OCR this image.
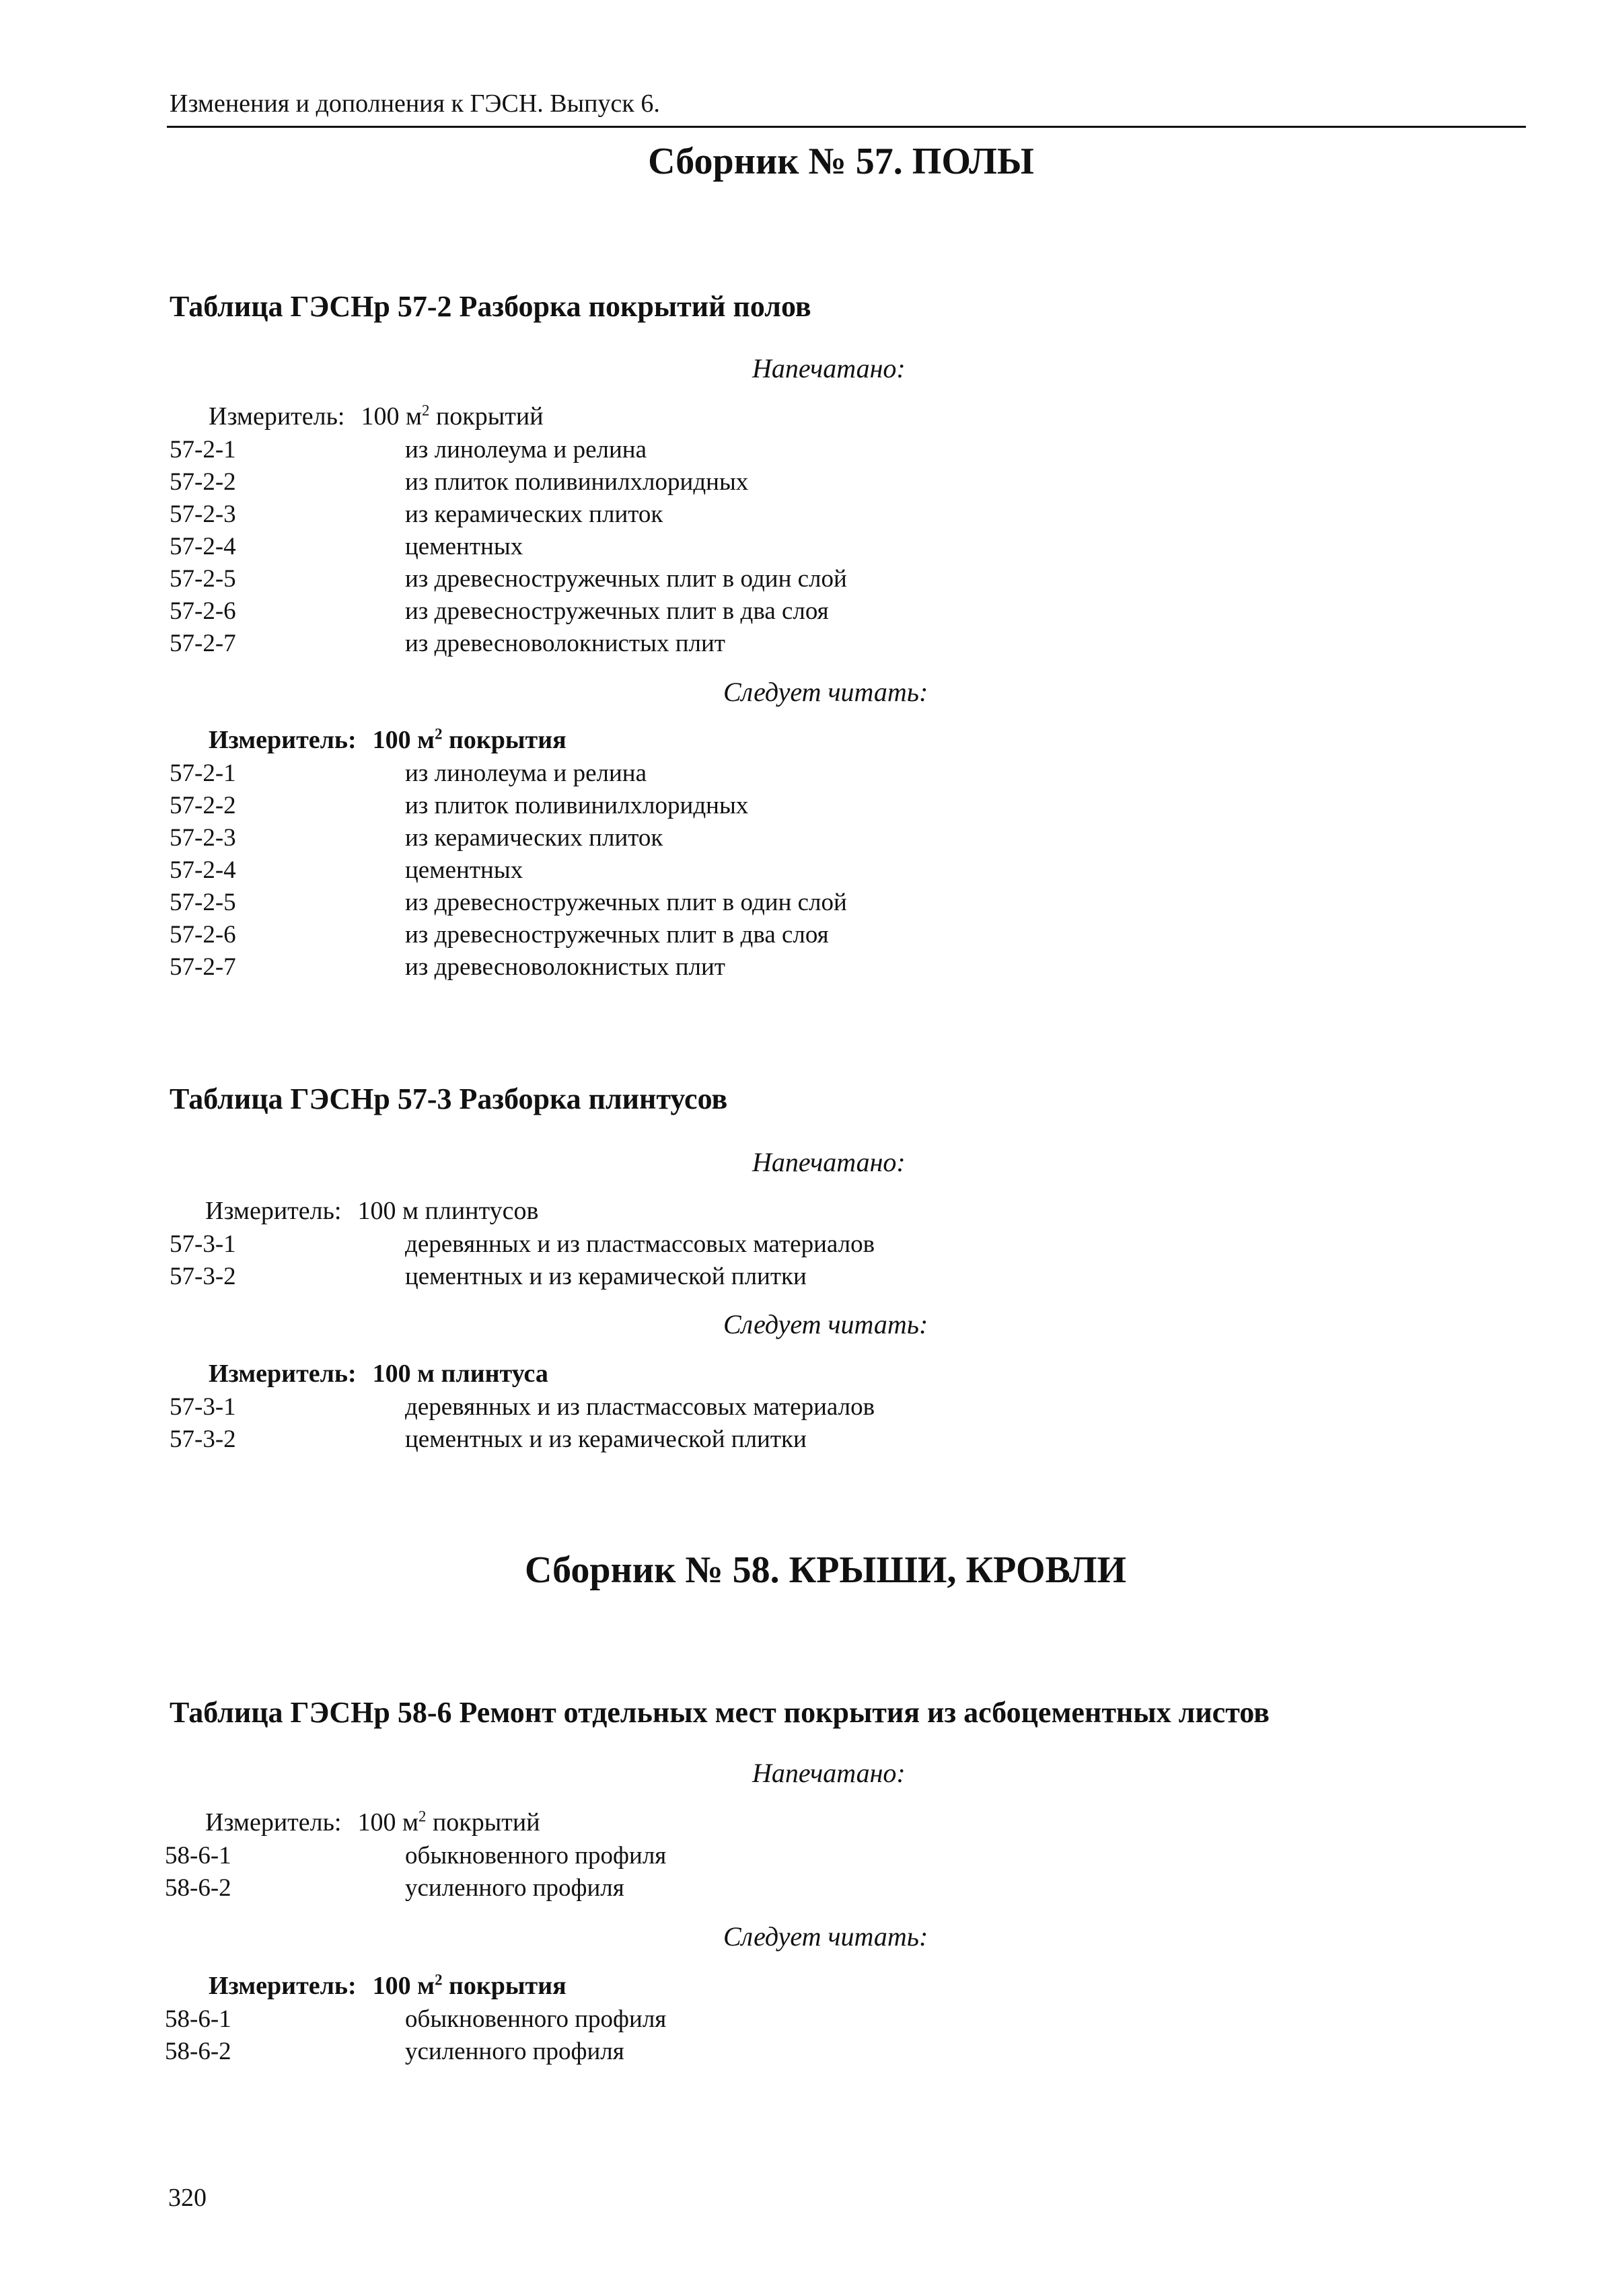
Изменения и дополнения к ГЭСН. Выпуск 6.
Сборник № 57. ПОЛЫ
Таблица ГЭСНр 57-2 Разборка покрытий полов
Напечатано:
Измеритель: 100 $м^2$ покрытий
57-2-1	из линолеума и релина
57-2-2	из плиток поливинилхлоридных
57-2-3	из керамических плиток
57-2-4	цементных
57-2-5	из древесностружечных плит в один слой
57-2-6	из древесностружечных плит в два слоя
57-2-7	из древесноволокнистых плит
Следует читать:
Измеритель: 100 $м^2$ покрытия
57-2-1	из линолеума и релина
57-2-2	из плиток поливинилхлоридных
57-2-3	из керамических плиток
57-2-4	цементных
57-2-5	из древесностружечных плит в один слой
57-2-6	из древесностружечных плит в два слоя
57-2-7	из древесноволокнистых плит
Таблица ГЭСНр 57-3 Разборка плинтусов
Напечатано:
Измеритель: 100 м плинтусов
57-3-1	деревянных и из пластмассовых материалов
57-3-2	цементных и из керамической плитки
Следует читать:
Измеритель: 100 м плинтуса
57-3-1	деревянных и из пластмассовых материалов
57-3-2	цементных и из керамической плитки
Сборник № 58. КРЫШИ, КРОВЛИ
Таблица ГЭСНр 58-6 Ремонт отдельных мест покрытия из асбоцементных листов
Напечатано:
Измеритель: 100 $м^2$ покрытий
58-6-1	обыкновенного профиля
58-6-2	усиленного профиля
Следует читать:
Измеритель: 100 $м^2$ покрытия
58-6-1	обыкновенного профиля
58-6-2	усиленного профиля
320
